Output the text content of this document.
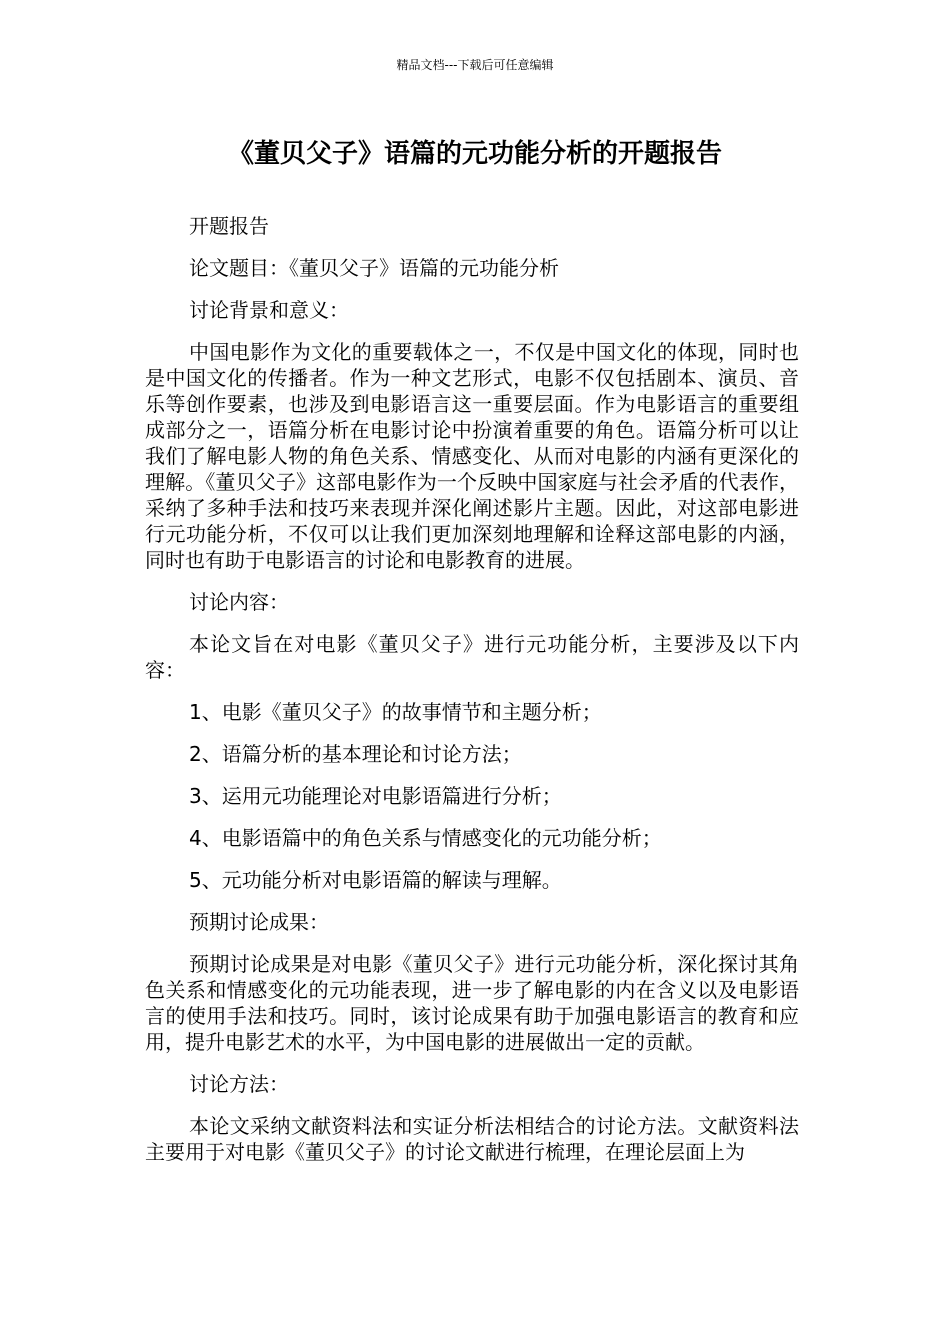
精品文档---下载后可任意编辑
《董贝父子》语篇的元功能分析的开题报告

开题报告

论文题目：《董贝父子》语篇的元功能分析

讨论背景和意义：

中国电影作为文化的重要载体之一，不仅是中国文化的体现，同时也是中国文化的传播者。作为一种文艺形式，电影不仅包括剧本、演员、音乐等创作要素，也涉及到电影语言这一重要层面。作为电影语言的重要组成部分之一，语篇分析在电影讨论中扮演着重要的角色。语篇分析可以让我们了解电影人物的角色关系、情感变化、从而对电影的内涵有更深化的理解。《董贝父子》这部电影作为一个反映中国家庭与社会矛盾的代表作，采纳了多种手法和技巧来表现并深化阐述影片主题。因此，对这部电影进行元功能分析，不仅可以让我们更加深刻地理解和诠释这部电影的内涵，同时也有助于电影语言的讨论和电影教育的进展。

讨论内容：

本论文旨在对电影《董贝父子》进行元功能分析，主要涉及以下内容：

1、电影《董贝父子》的故事情节和主题分析；

2、语篇分析的基本理论和讨论方法；

3、运用元功能理论对电影语篇进行分析；

4、电影语篇中的角色关系与情感变化的元功能分析；

5、元功能分析对电影语篇的解读与理解。

预期讨论成果：

预期讨论成果是对电影《董贝父子》进行元功能分析，深化探讨其角色关系和情感变化的元功能表现，进一步了解电影的内在含义以及电影语言的使用手法和技巧。同时，该讨论成果有助于加强电影语言的教育和应用，提升电影艺术的水平，为中国电影的进展做出一定的贡献。

讨论方法：

本论文采纳文献资料法和实证分析法相结合的讨论方法。文献资料法主要用于对电影《董贝父子》的讨论文献进行梳理，在理论层面上为
